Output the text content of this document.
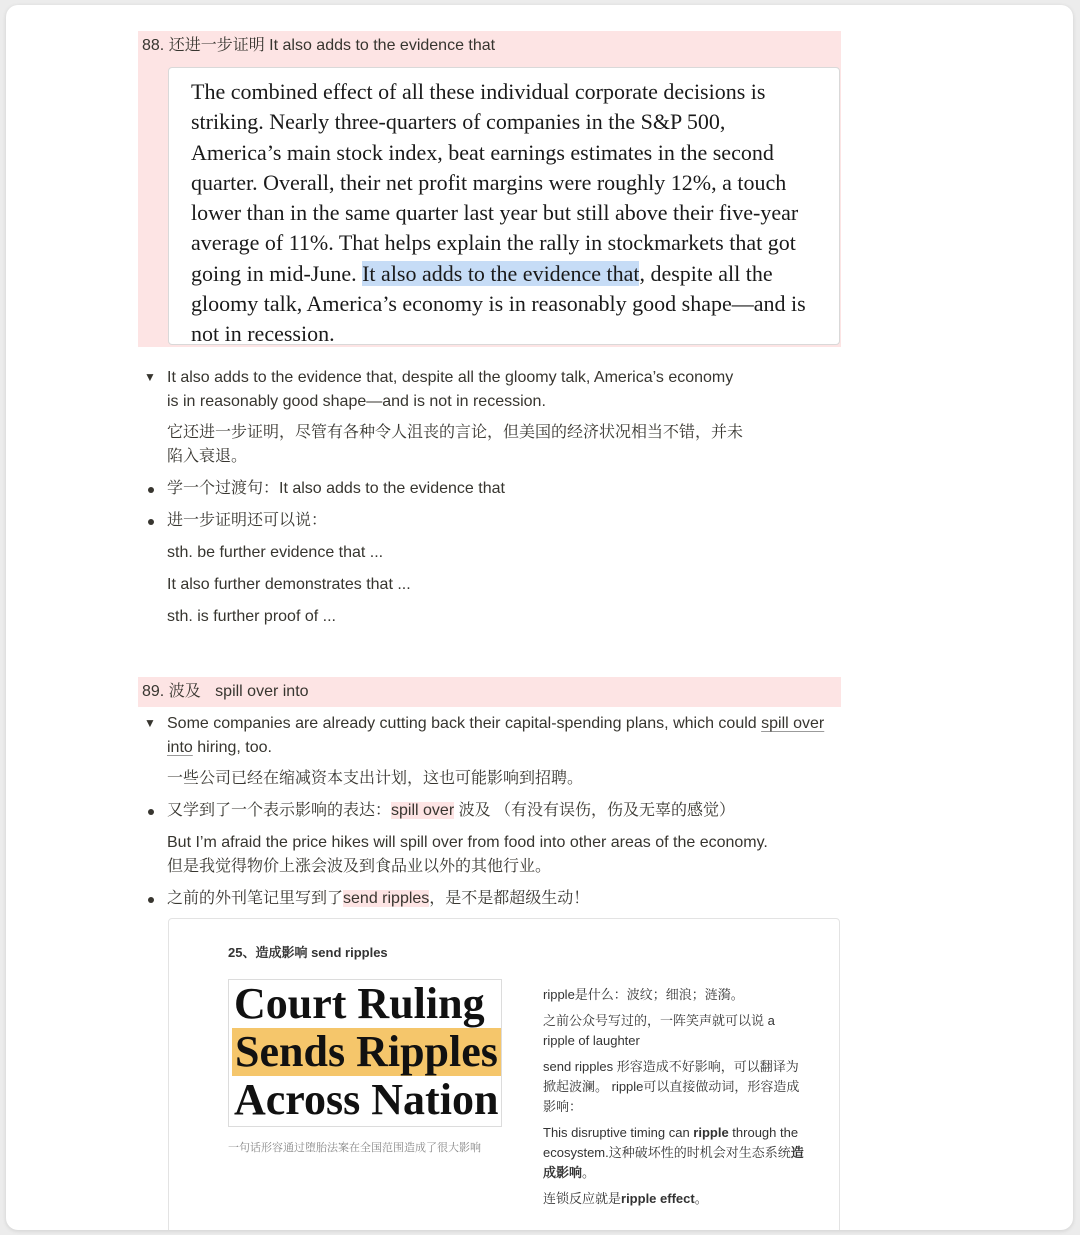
88. 还进一步证明 It also adds to the evidence that
The combined effect of all these individual corporate decisions is
striking. Nearly three-quarters of companies in the S&P 500,
America’s main stock index, beat earnings estimates in the second
quarter. Overall, their net profit margins were roughly 12%, a touch
lower than in the same quarter last year but still above their five-year
average of 11%. That helps explain the rally in stockmarkets that got
going in mid-June. It also adds to the evidence that, despite all the
gloomy talk, America’s economy is in reasonably good shape—and is
not in recession.
▼ It also adds to the evidence that, despite all the gloomy talk, America’s economy
is in reasonably good shape—and is not in recession.
它还进一步证明，尽管有各种令人沮丧的言论，但美国的经济状况相当不错，并未
陷入衰退。
学一个过渡句：It also adds to the evidence that
进一步证明还可以说：
sth. be further evidence that ...
It also further demonstrates that ...
sth. is further proof of ...
89. 波及 spill over into
▼ Some companies are already cutting back their capital-spending plans, which could spill over
into hiring, too.
一些公司已经在缩减资本支出计划，这也可能影响到招聘。
又学到了一个表示影响的表达：spill over 波及 （有没有误伤，伤及无辜的感觉）
But I’m afraid the price hikes will spill over from food into other areas of the economy.
但是我觉得物价上涨会波及到食品业以外的其他行业。
之前的外刊笔记里写到了send ripples，是不是都超级生动！
25、造成影响 send ripples
Court Ruling
Sends Ripples
Across Nation
一句话形容通过堕胎法案在全国范围造成了很大影响
ripple是什么：波纹；细浪；涟漪。
之前公众号写过的，一阵笑声就可以说 a
ripple of laughter
send ripples 形容造成不好影响，可以翻译为
掀起波澜。 ripple可以直接做动词，形容造成
影响：
This disruptive timing can ripple through the
ecosystem.这种破坏性的时机会对生态系统造
成影响。
连锁反应就是ripple effect。
